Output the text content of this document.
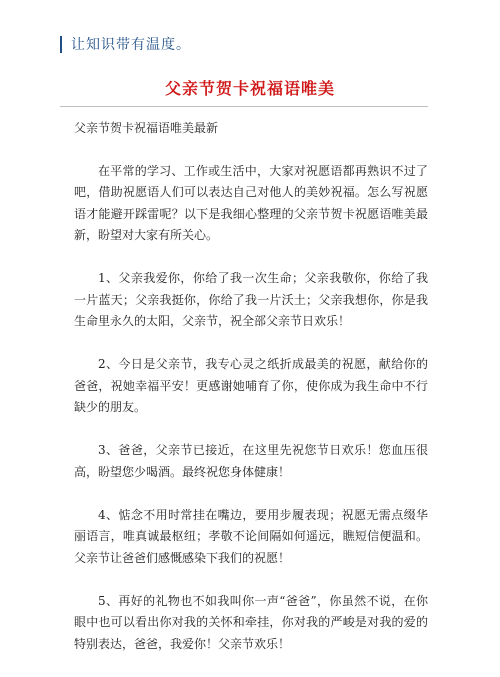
让知识带有温度。
父亲节贺卡祝福语唯美

父亲节贺卡祝福语唯美最新

在平常的学习、工作或生活中，大家对祝愿语都再熟识不过了吧，借助祝愿语人们可以表达自己对他人的美妙祝福。怎么写祝愿语才能避开踩雷呢？以下是我细心整理的父亲节贺卡祝愿语唯美最新，盼望对大家有所关心。

1、父亲我爱你，你给了我一次生命；父亲我敬你，你给了我一片蓝天；父亲我挺你，你给了我一片沃土；父亲我想你，你是我生命里永久的太阳，父亲节，祝全部父亲节日欢乐！

2、今日是父亲节，我专心灵之纸折成最美的祝愿，献给你的爸爸，祝她幸福平安！更感谢她哺育了你，使你成为我生命中不行缺少的朋友。

3、爸爸，父亲节已接近，在这里先祝您节日欢乐！您血压很高，盼望您少喝酒。最终祝您身体健康！

4、惦念不用时常挂在嘴边，要用步履表现；祝愿无需点缀华丽语言，唯真诚最枢纽；孝敬不论间隔如何遥远，瞧短信便温和。父亲节让爸爸们感慨感染下我们的祝愿！

5、再好的礼物也不如我叫你一声“爸爸”，你虽然不说，在你眼中也可以看出你对我的关怀和牵挂，你对我的严峻是对我的爱的特别表达，爸爸，我爱你！父亲节欢乐！
